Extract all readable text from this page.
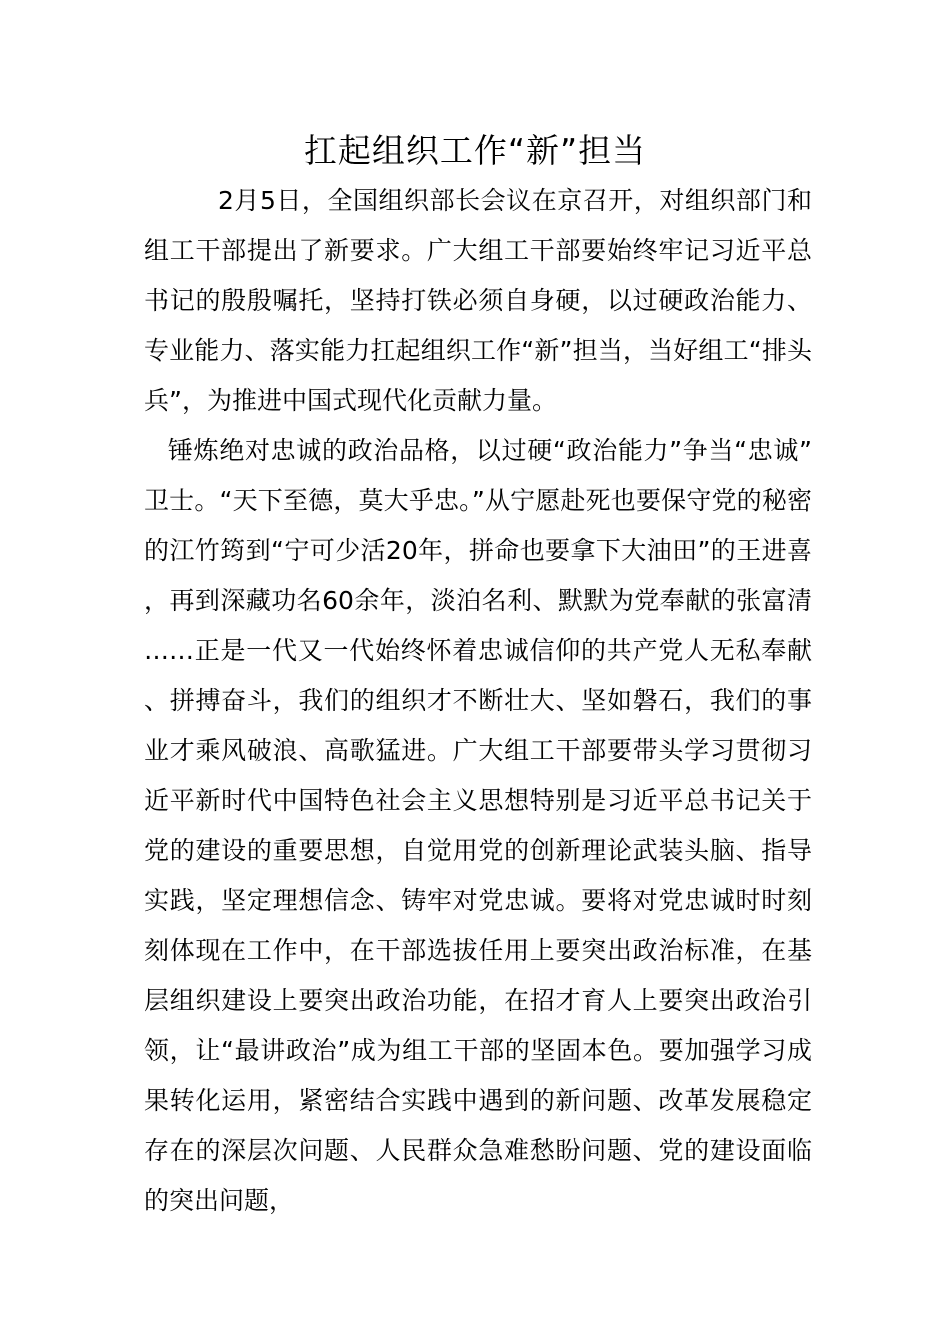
扛起组织工作“新”担当

2月5日，全国组织部长会议在京召开，对组织部门和组工干部提出了新要求。广大组工干部要始终牢记习近平总书记的殷殷嘱托，坚持打铁必须自身硬，以过硬政治能力、专业能力、落实能力扛起组织工作“新”担当，当好组工“排头兵”，为推进中国式现代化贡献力量。

锤炼绝对忠诚的政治品格，以过硬“政治能力”争当“忠诚”卫士。“天下至德，莫大乎忠。”从宁愿赴死也要保守党的秘密的江竹筠到“宁可少活20年，拼命也要拿下大油田”的王进喜，再到深藏功名60余年，淡泊名利、默默为党奉献的张富清……正是一代又一代始终怀着忠诚信仰的共产党人无私奉献、拼搏奋斗，我们的组织才不断壮大、坚如磐石，我们的事业才乘风破浪、高歌猛进。广大组工干部要带头学习贯彻习近平新时代中国特色社会主义思想特别是习近平总书记关于党的建设的重要思想，自觉用党的创新理论武装头脑、指导实践，坚定理想信念、铸牢对党忠诚。要将对党忠诚时时刻刻体现在工作中，在干部选拔任用上要突出政治标准，在基层组织建设上要突出政治功能，在招才育人上要突出政治引领，让“最讲政治”成为组工干部的坚固本色。要加强学习成果转化运用，紧密结合实践中遇到的新问题、改革发展稳定存在的深层次问题、人民群众急难愁盼问题、党的建设面临的突出问题，
